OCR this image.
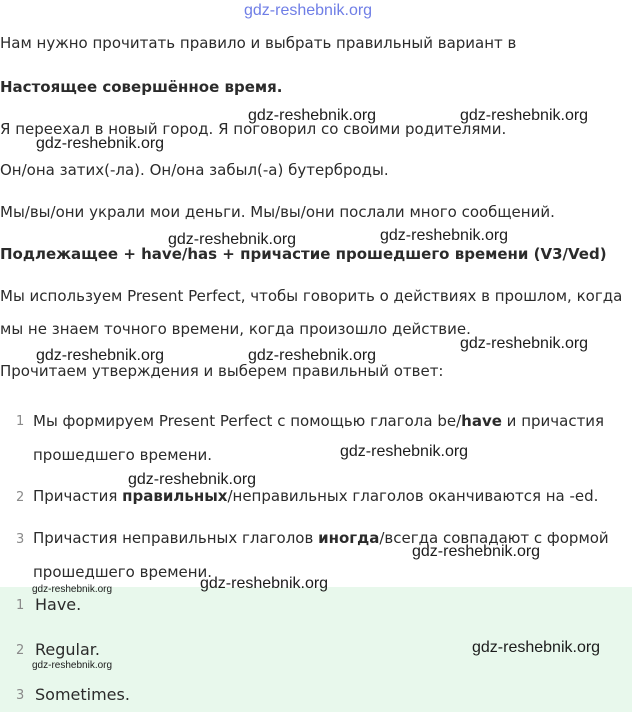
gdz-reshebnik.org
Нам нужно прочитать правило и выбрать правильный вариант в
Настоящее совершённое время.
Я переехал в новый город. Я поговорил со своими родителями.
Он/она затих(-ла). Он/она забыл(-а) бутерброды.
Мы/вы/они украли мои деньги. Мы/вы/они послали много сообщений.
Подлежащее + have/has + причастие прошедшего времени (V3/Ved)
Мы используем Present Perfect, чтобы говорить о действиях в прошлом, когда
мы не знаем точного времени, когда произошло действие.
Прочитаем утверждения и выберем правильный ответ:
1 Мы формируем Present Perfect с помощью глагола be/have и причастия
прошедшего времени.
2 Причастия правильных/неправильных глаголов оканчиваются на -ed.
3 Причастия неправильных глаголов иногда/всегда совпадают с формой
прошедшего времени.
1 Have.
2 Regular.
3 Sometimes.
gdz-reshebnik.org	gdz-reshebnik.org
gdz-reshebnik.org
gdz-reshebnik.org	gdz-reshebnik.org
gdz-reshebnik.org
gdz-reshebnik.org	gdz-reshebnik.org
gdz-reshebnik.org
gdz-reshebnik.org
gdz-reshebnik.org
gdz-reshebnik.org
gdz-reshebnik.org
gdz-reshebnik.org
gdz-reshebnik.org
